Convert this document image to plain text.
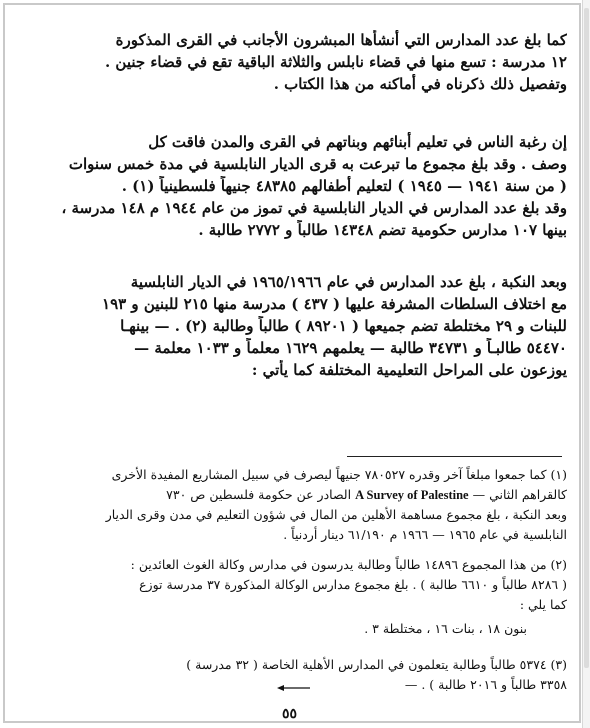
كما بلغ عدد المدارس التي أنشأها المبشرون الأجانب في القرى المذكورة
١٢ مدرسة : تسع منها في قضاء نابلس والثلاثة الباقية تقع في قضاء جنين .
وتفصيل ذلك ذكرناه في أماكنه من هذا الكتاب .
إن رغبة الناس في تعليم أبنائهم وبناتهم في القرى والمدن فاقت كل
وصف . وقد بلغ مجموع ما تبرعت به قرى الديار النابلسية في مدة خمس سنوات
( من سنة ١٩٤١ — ١٩٤٥ ) لتعليم أطفالهم ٤٨٣٨٥ جنيهاً فلسطينياً (١) .
وقد بلغ عدد المدارس في الديار النابلسية في تموز من عام ١٩٤٤ م ١٤٨ مدرسة ،
بينها ١٠٧ مدارس حكومية تضم ١٤٣٤٨ طالباً و ٢٧٧٢ طالبة .
وبعد النكبة ، بلغ عدد المدارس في عام ١٩٦٥/١٩٦٦ في الديار النابلسية
مع اختلاف السلطات المشرفة عليها ( ٤٣٧ ) مدرسة منها ٢١٥ للبنين و ١٩٣
للبنات و ٢٩ مختلطة تضم جميعها ( ٨٩٢٠١ ) طالباً وطالبة (٢) . — بينهـا
٥٤٤٧٠ طالبـاً و ٣٤٧٣١ طالبة — يعلمهم ١٦٢٩ معلماً و ١٠٣٣ معلمة —
يوزعون على المراحل التعليمية المختلفة كما يأتي :
(١) كما جمعوا مبلغاً آخر وقدره ٧٨٠٥٢٧ جنيهاً ليصرف في سبيل المشاريع المفيدة الأخرى
كالقراهم الثاني — A Survey of Palestine الصادر عن حكومة فلسطين ص ٧٣٠
وبعد النكبة ، بلغ مجموع مساهمة الأهلين من المال في شؤون التعليم في مدن وقرى الديار
النابلسية في عام ١٩٦٥ — ١٩٦٦ م ٦١/١٩٠ دينار أردنياً .
(٢) من هذا المجموع ١٤٨٩٦ طالباً وطالبة يدرسون في مدارس وكالة الغوث العائدين :
( ٨٢٨٦ طالباً و ٦٦١٠ طالبة ) . بلغ مجموع مدارس الوكالة المذكورة ٣٧ مدرسة توزع
كما يلي :
بنون ١٨ ، بنات ١٦ ، مختلطة ٣ .
(٣) ٥٣٧٤ طالباً وطالبة يتعلمون في المدارس الأهلية الخاصة ( ٣٢ مدرسة )
٣٣٥٨ طالباً و ٢٠١٦ طالبة ) . —
٥٥
